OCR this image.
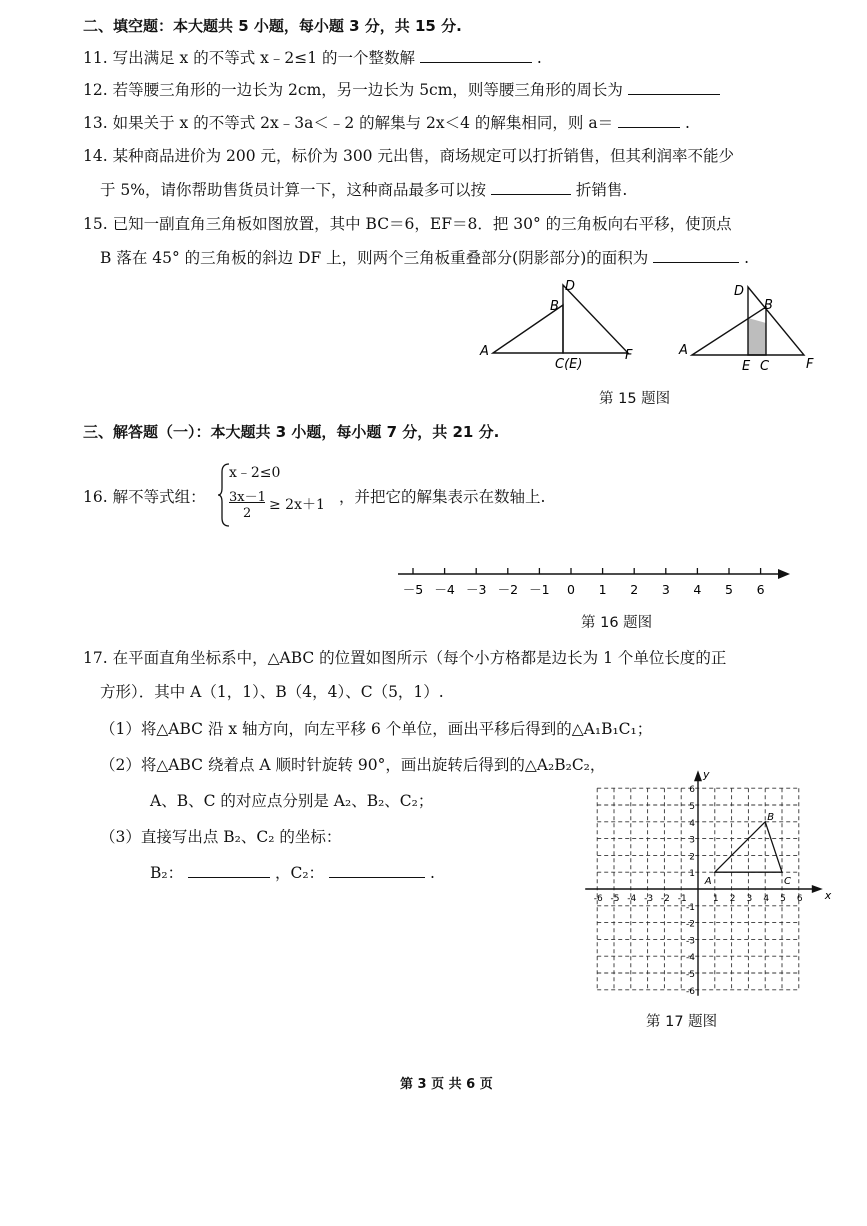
二、填空题：本大题共 5 小题，每小题 3 分，共 15 分.
11. 写出满足 x 的不等式 x﹣2≤1 的一个整数解	.
12. 若等腰三角形的一边长为 2cm，另一边长为 5cm，则等腰三角形的周长为
13. 如果关于 x 的不等式 2x﹣3a＜﹣2 的解集与 2x＜4 的解集相同，则 a＝	.
14. 某种商品进价为 200 元，标价为 300 元出售，商场规定可以打折销售，但其利润率不能少
于 5%，请你帮助售货员计算一下，这种商品最多可以按	折销售.
15. 已知一副直角三角板如图放置，其中 BC＝6，EF＝8．把 30° 的三角板向右平移，使顶点
B 落在 45° 的三角板的斜边 DF 上，则两个三角板重叠部分(阴影部分)的面积为	.
A
B
D
C(E)
F	A
D
B
E C	F
第 15 题图
三、解答题（一）：本大题共 3 小题，每小题 7 分，共 21 分.
16. 解不等式组：
x﹣2≤0
3x－1
2
≥ 2x＋1 ，并把它的解集表示在数轴上.
－5 －4 －3 －2 －1 0 1 2 3 4 5 6
第 16 题图
17. 在平面直角坐标系中，△ABC 的位置如图所示（每个小方格都是边长为 1 个单位长度的正
方形）．其中 A（1，1）、B（4，4）、C（5，1）.
（1）将△ABC 沿 x 轴方向，向左平移 6 个单位，画出平移后得到的△A₁B₁C₁；
（2）将△ABC 绕着点 A 顺时针旋转 90°，画出旋转后得到的△A₂B₂C₂，
A、B、C 的对应点分别是 A₂、B₂、C₂；
（3）直接写出点 B₂、C₂ 的坐标：
B₂：	，C₂：	.
x
y
-6 -5 -4 -3 -2 -1	1 2 3 4 5 6
6
5
4
3
2
1
-1
-2
-3
-4
-5
-6
A
B
C
第 17 题图
第 3 页 共 6 页
